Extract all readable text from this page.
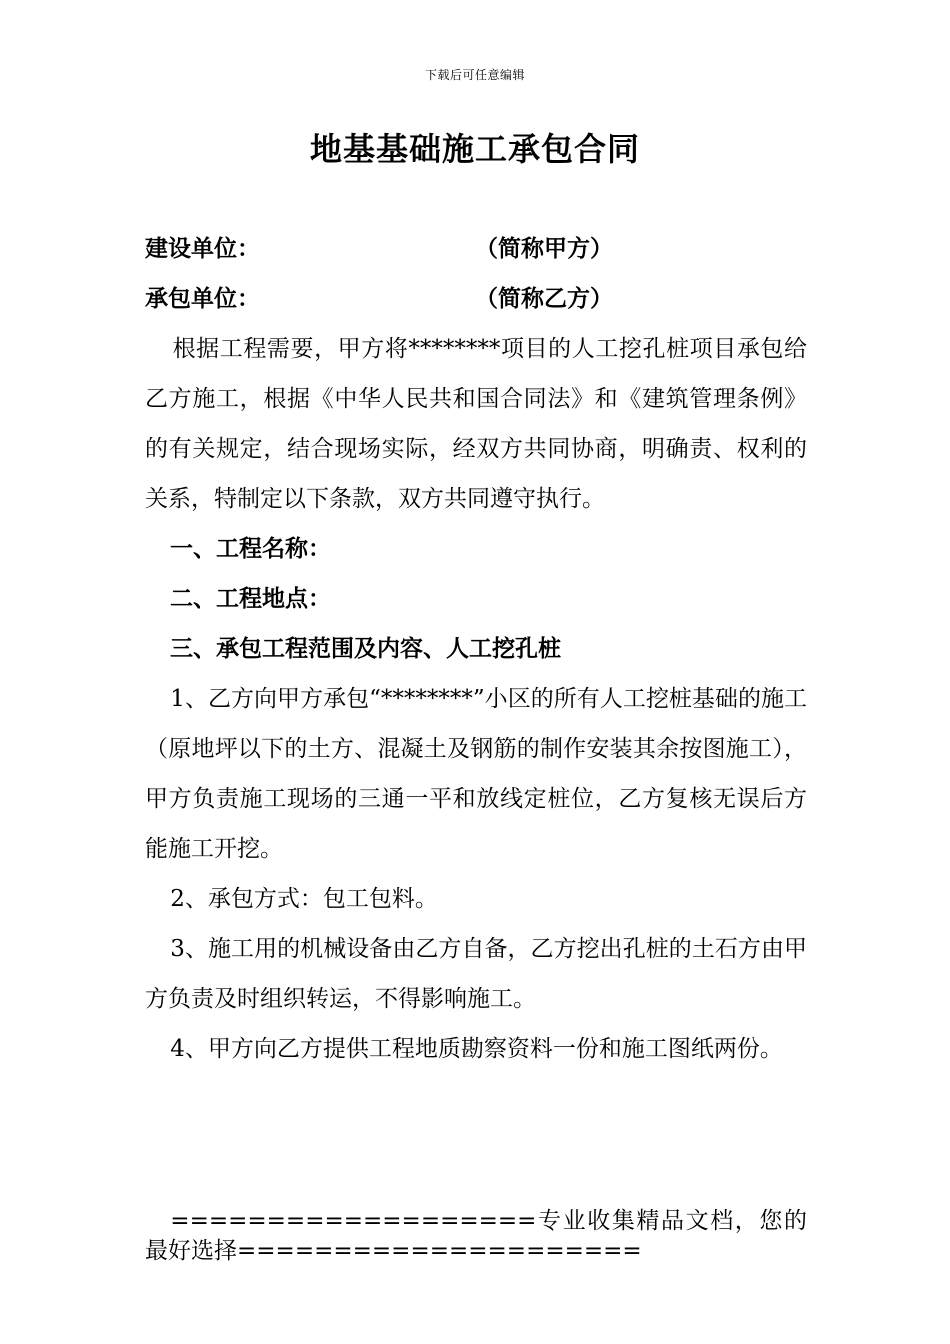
下载后可任意编辑
地基基础施工承包合同

建设单位：	（简称甲方）

承包单位：	（简称乙方）

根据工程需要，甲方将********项目的人工挖孔桩项目承包给乙方施工，根据《中华人民共和国合同法》和《建筑管理条例》的有关规定，结合现场实际，经双方共同协商，明确责、权利的关系，特制定以下条款，双方共同遵守执行。

一、工程名称：

二、工程地点：

三、承包工程范围及内容、人工挖孔桩

1、乙方向甲方承包“********”小区的所有人工挖桩基础的施工（原地坪以下的土方、混凝土及钢筋的制作安装其余按图施工），甲方负责施工现场的三通一平和放线定桩位，乙方复核无误后方能施工开挖。

2、承包方式：包工包料。

3、施工用的机械设备由乙方自备，乙方挖出孔桩的土石方由甲方负责及时组织转运，不得影响施工。

4、甲方向乙方提供工程地质勘察资料一份和施工图纸两份。

===================专业收集精品文档，您的最好选择=====================
